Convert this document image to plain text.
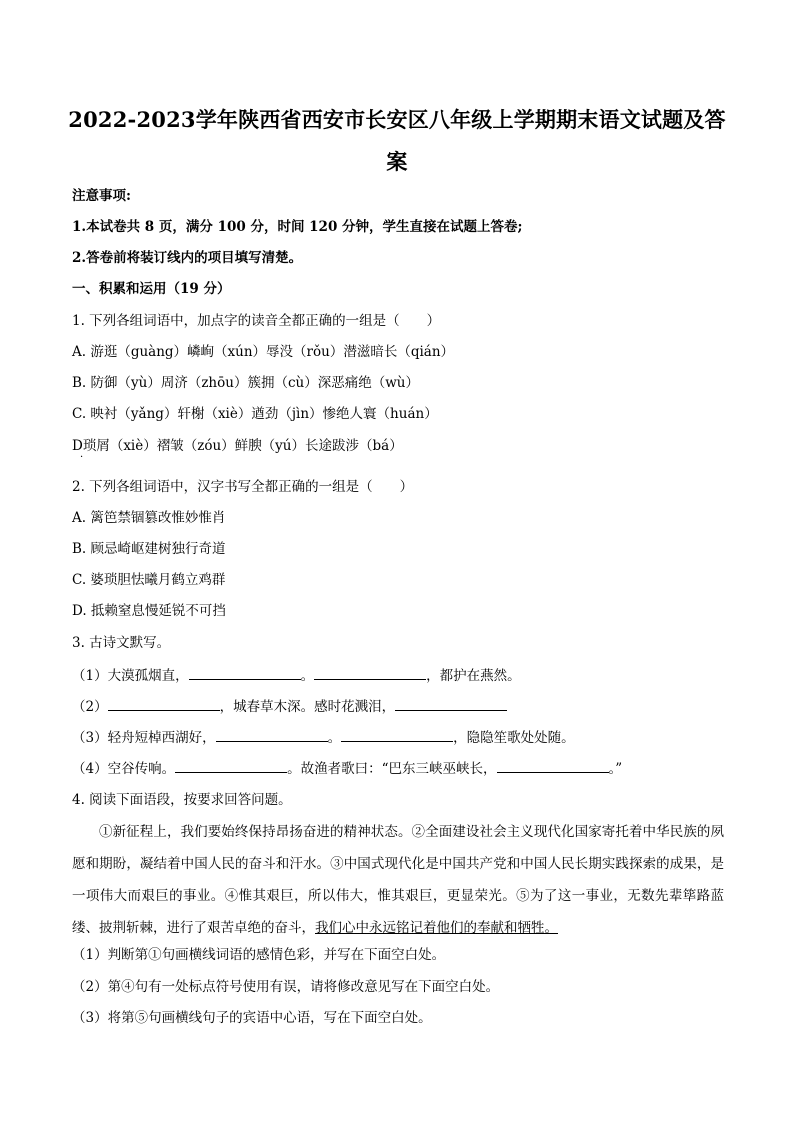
2022-2023学年陕西省西安市长安区八年级上学期期末语文试题及答
案
注意事项:
1.本试卷共 8 页，满分 100 分，时间 120 分钟，学生直接在试题上答卷;
2.答卷前将装订线内的项目填写清楚。
一、积累和运用（19 分）
1. 下列各组词语中，加点字的读音全都正确的一组是（　　）
A. 游逛（guàng）嶙峋（xún）辱没（rǒu）潜滋暗长（qián）
B. 防御（yù）周济（zhōu）簇拥（cù）深恶痛绝（wù）
C. 映衬（yǎng）轩榭（xiè）遒劲（jìn）惨绝人寰（huán）
D琐屑（xiè）褶皱（zóu）鲜腴（yú）长途跋涉（bá）
·
2. 下列各组词语中，汉字书写全都正确的一组是（　　）
A. 篱笆禁锢篡改惟妙惟肖
B. 顾忌崎岖建树独行奇道
C. 婆琐胆怯曦月鹤立鸡群
D. 抵赖窒息慢延锐不可挡
3. 古诗文默写。
（1）大漠孤烟直，	。	，都护在燕然。
（2）	，城春草木深。感时花溅泪，
（3）轻舟短棹西湖好，	。	，隐隐笙歌处处随。
（4）空谷传响。	。故渔者歌曰：“巴东三峡巫峡长，	。”
4. 阅读下面语段，按要求回答问题。
①新征程上，我们要始终保持昂扬奋进的精神状态。②全面建设社会主义现代化国家寄托着中华民族的夙愿和期盼，凝结着中国人民的奋斗和汗水。③中国式现代化是中国共产党和中国人民长期实践探索的成果，是一项伟大而艰巨的事业。④惟其艰巨，所以伟大，惟其艰巨，更显荣光。⑤为了这一事业，无数先辈筚路蓝缕、披荆斩棘，进行了艰苦卓绝的奋斗，我们心中永远铭记着他们的奉献和牺牲。
（1）判断第①句画横线词语的感情色彩，并写在下面空白处。
（2）第④句有一处标点符号使用有误，请将修改意见写在下面空白处。
（3）将第⑤句画横线句子的宾语中心语，写在下面空白处。
